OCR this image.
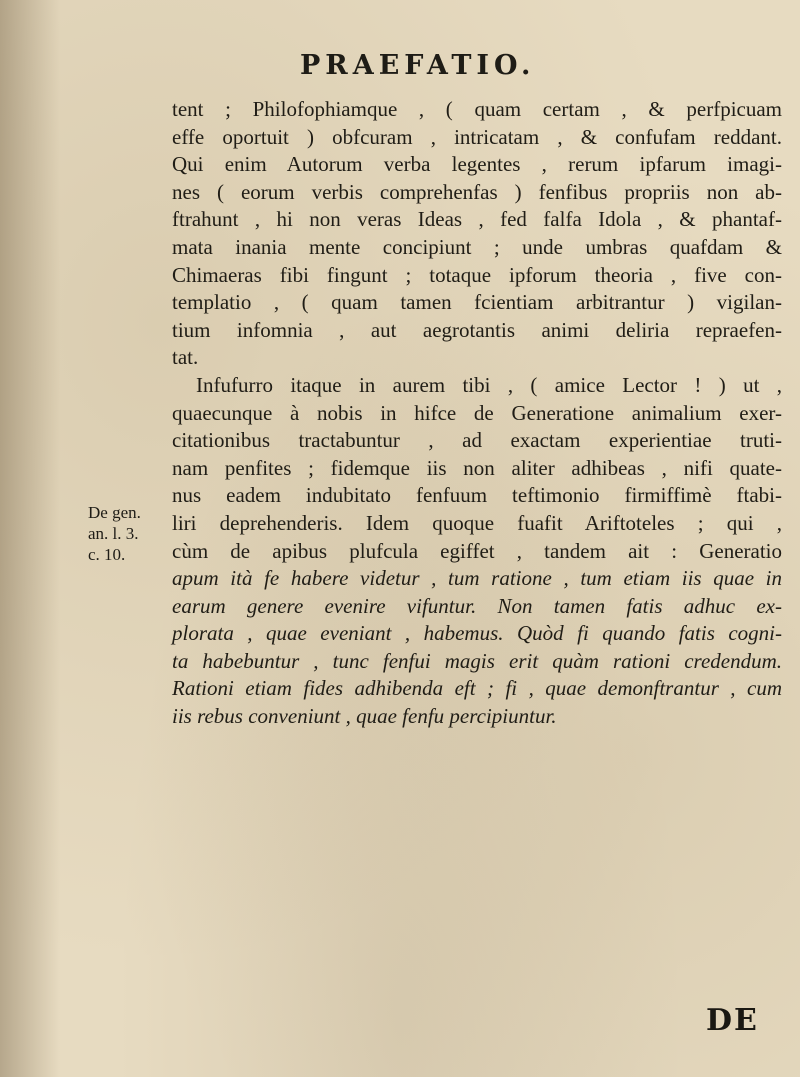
PRAEFATIO.
De gen.
an. l. 3.
c. 10.
tent ; Philofophiamque , ( quam certam , & perfpicuam
effe oportuit ) obfcuram , intricatam , & confufam reddant.
Qui enim Autorum verba legentes , rerum ipfarum imagi-
nes ( eorum verbis comprehenfas ) fenfibus propriis non ab-
ftrahunt , hi non veras Ideas , fed falfa Idola , & phantaf-
mata inania mente concipiunt ; unde umbras quafdam &
Chimaeras fibi fingunt ; totaque ipforum theoria , five con-
templatio , ( quam tamen fcientiam arbitrantur ) vigilan-
tium infomnia , aut aegrotantis animi deliria repraefen-
tat.
Infufurro itaque in aurem tibi , ( amice Lector ! ) ut ,
quaecunque à nobis in hifce de Generatione animalium exer-
citationibus tractabuntur , ad exactam experientiae truti-
nam penfites ; fidemque iis non aliter adhibeas , nifi quate-
nus eadem indubitato fenfuum teftimonio firmiffimè ftabi-
liri deprehenderis. Idem quoque fuafit Ariftoteles ; qui ,
cùm de apibus plufcula egiffet , tandem ait : Generatio
apum ità fe habere videtur , tum ratione , tum etiam iis quae in
earum genere evenire vifuntur. Non tamen fatis adhuc ex-
plorata , quae eveniant , habemus. Quòd fi quando fatis cogni-
ta habebuntur , tunc fenfui magis erit quàm rationi credendum.
Rationi etiam fides adhibenda eft ; fi , quae demonftrantur , cum
iis rebus conveniunt , quae fenfu percipiuntur.
DE
